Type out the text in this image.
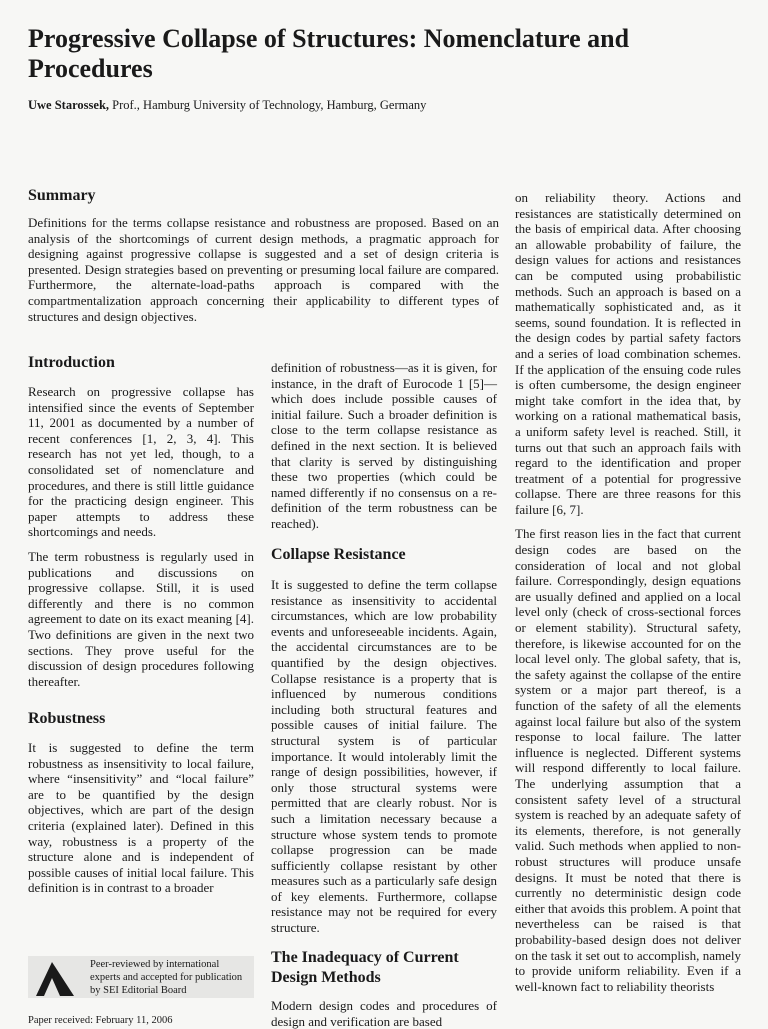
Progressive Collapse of Structures: Nomenclature and Procedures
Uwe Starossek, Prof., Hamburg University of Technology, Hamburg, Germany
Summary

Definitions for the terms collapse resistance and robustness are proposed. Based on an analysis of the shortcomings of current design methods, a pragmatic approach for designing against progressive collapse is suggested and a set of design criteria is presented. Design strategies based on preventing or presuming local failure are compared. Furthermore, the alternate-load-paths approach is compared with the compartmentalization approach concerning their applicability to different types of structures and design objectives.

Introduction

Research on progressive collapse has intensified since the events of September 11, 2001 as documented by a number of recent conferences [1, 2, 3, 4]. This research has not yet led, though, to a consolidated set of nomenclature and procedures, and there is still little guidance for the practicing design engineer. This paper attempts to address these shortcomings and needs.

The term robustness is regularly used in publications and discussions on progressive collapse. Still, it is used differently and there is no common agreement to date on its exact meaning [4]. Two definitions are given in the next two sections. They prove useful for the discussion of design procedures following thereafter.

Robustness

It is suggested to define the term robustness as insensitivity to local failure, where “insensitivity” and “local failure” are to be quantified by the design objectives, which are part of the design criteria (explained later). Defined in this way, robustness is a property of the structure alone and is independent of possible causes of initial local failure. This definition is in contrast to a broader

Peer-reviewed by international experts and accepted for publication by SEI Editorial Board
Paper received: February 11, 2006

definition of robustness—as it is given, for instance, in the draft of Eurocode 1 [5]—which does include possible causes of initial failure. Such a broader definition is close to the term collapse resistance as defined in the next section. It is believed that clarity is served by distinguishing these two properties (which could be named differently if no consensus on a re-definition of the term robustness can be reached).

Collapse Resistance

It is suggested to define the term collapse resistance as insensitivity to accidental circumstances, which are low probability events and unforeseeable incidents. Again, the accidental circumstances are to be quantified by the design objectives. Collapse resistance is a property that is influenced by numerous conditions including both structural features and possible causes of initial failure. The structural system is of particular importance. It would intolerably limit the range of design possibilities, however, if only those structural systems were permitted that are clearly robust. Nor is such a limitation necessary because a structure whose system tends to promote collapse progression can be made sufficiently collapse resistant by other measures such as a particularly safe design of key elements. Furthermore, collapse resistance may not be required for every structure.

The Inadequacy of Current Design Methods

Modern design codes and procedures of design and verification are based

on reliability theory. Actions and resistances are statistically determined on the basis of empirical data. After choosing an allowable probability of failure, the design values for actions and resistances can be computed using probabilistic methods. Such an approach is based on a mathematically sophisticated and, as it seems, sound foundation. It is reflected in the design codes by partial safety factors and a series of load combination schemes. If the application of the ensuing code rules is often cumbersome, the design engineer might take comfort in the idea that, by working on a rational mathematical basis, a uniform safety level is reached. Still, it turns out that such an approach fails with regard to the identification and proper treatment of a potential for progressive collapse. There are three reasons for this failure [6, 7].

The first reason lies in the fact that current design codes are based on the consideration of local and not global failure. Correspondingly, design equations are usually defined and applied on a local level only (check of cross-sectional forces or element stability). Structural safety, therefore, is likewise accounted for on the local level only. The global safety, that is, the safety against the collapse of the entire system or a major part thereof, is a function of the safety of all the elements against local failure but also of the system response to local failure. The latter influence is neglected. Different systems will respond differently to local failure. The underlying assumption that a consistent safety level of a structural system is reached by an adequate safety of its elements, therefore, is not generally valid. Such methods when applied to non-robust structures will produce unsafe designs. It must be noted that there is currently no deterministic design code either that avoids this problem. A point that nevertheless can be raised is that probability-based design does not deliver on the task it set out to accomplish, namely to provide uniform reliability. Even if a well-known fact to reliability theorists
